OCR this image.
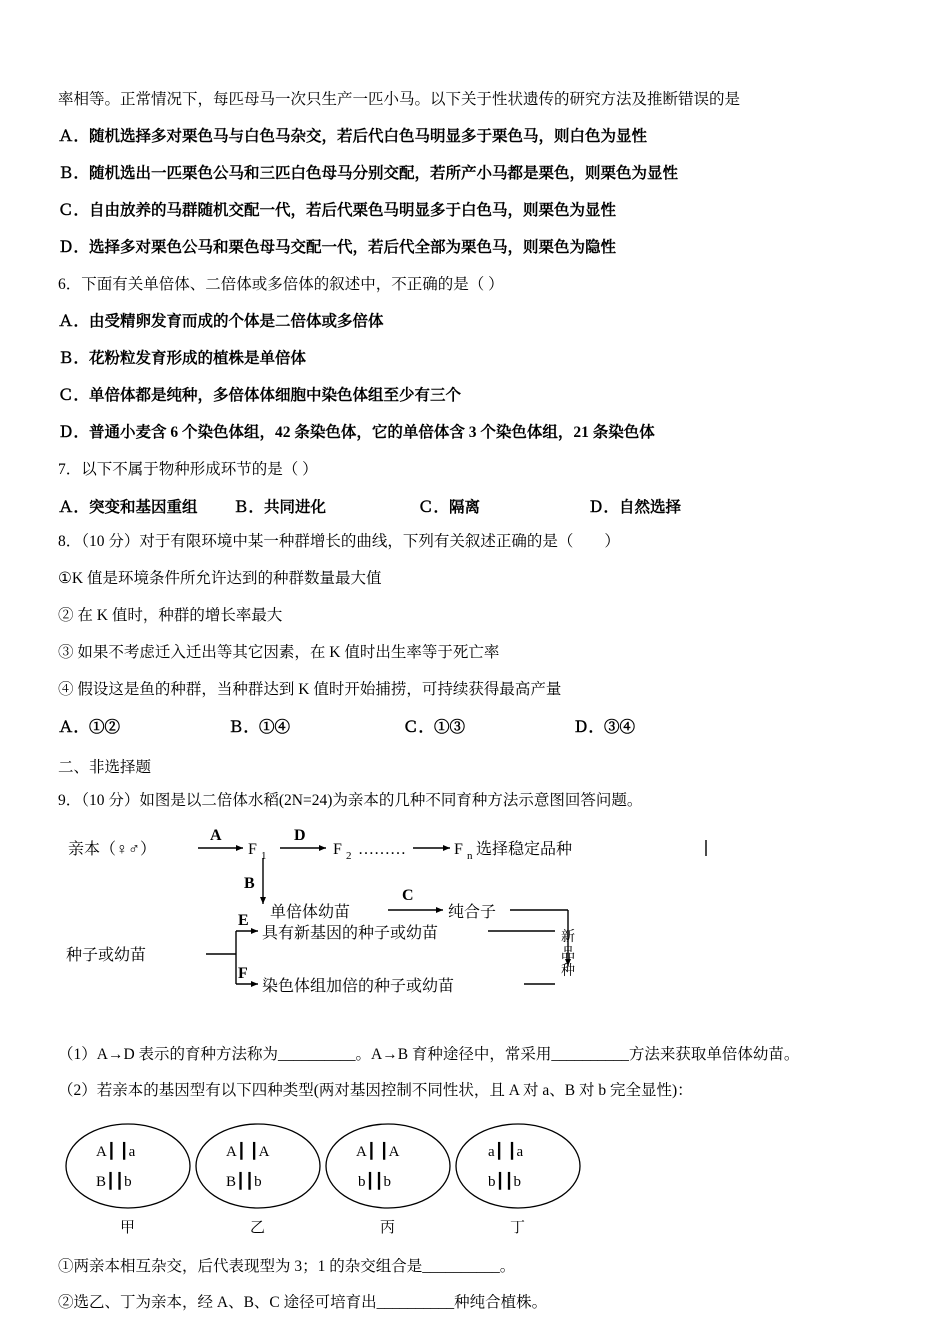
率相等。正常情况下，每匹母马一次只生产一匹小马。以下关于性状遗传的研究方法及推断错误的是
Ａ．随机选择多对栗色马与白色马杂交，若后代白色马明显多于栗色马，则白色为显性
Ｂ．随机选出一匹栗色公马和三匹白色母马分别交配，若所产小马都是栗色，则栗色为显性
Ｃ．自由放养的马群随机交配一代，若后代栗色马明显多于白色马，则栗色为显性
Ｄ．选择多对栗色公马和栗色母马交配一代，若后代全部为栗色马，则栗色为隐性
6．下面有关单倍体、二倍体或多倍体的叙述中，不正确的是（ ）
Ａ．由受精卵发育而成的个体是二倍体或多倍体
Ｂ．花粉粒发育形成的植株是单倍体
Ｃ．单倍体都是纯种，多倍体体细胞中染色体组至少有三个
Ｄ．普通小麦含 6 个染色体组，42 条染色体，它的单倍体含 3 个染色体组，21 条染色体
7．以下不属于物种形成环节的是（ ）
Ａ．突变和基因重组	Ｂ．共同进化	Ｃ．隔离	Ｄ．自然选择
8．（10 分）对于有限环境中某一种群增长的曲线，下列有关叙述正确的是（　　）
①K 值是环境条件所允许达到的种群数量最大值
② 在 K 值时，种群的增长率最大
③ 如果不考虑迁入迁出等其它因素，在 K 值时出生率等于死亡率
④ 假设这是鱼的种群，当种群达到 K 值时开始捕捞，可持续获得最高产量
Ａ．①②	Ｂ．①④	Ｃ．①③	Ｄ．③④
二、非选择题
9．（10 分）如图是以二倍体水稻(2N=24)为亲本的几种不同育种方法示意图回答问题。
亲本（♀♂）
A
F 1
D
F 2 ………	F n 选择稳定品种
B
单倍体幼苗
C
纯合子
种子或幼苗
E
具有新基因的种子或幼苗
F
染色体组加倍的种子或幼苗
新
品
种
（1）A→D 表示的育种方法称为__________。A→B 育种途径中，常采用__________方法来获取单倍体幼苗。
（2）若亲本的基因型有以下四种类型(两对基因控制不同性状，且 A 对 a、B 对 b 完全显性)：
A┃ ┃a
B┃┃b
A┃ ┃A
B┃┃b
A┃ ┃A
b┃┃b
a┃ ┃a
b┃┃b
甲	乙	丙	丁
①两亲本相互杂交，后代表现型为 3；1 的杂交组合是__________。
②选乙、丁为亲本，经 A、B、C 途径可培育出__________种纯合植株。
